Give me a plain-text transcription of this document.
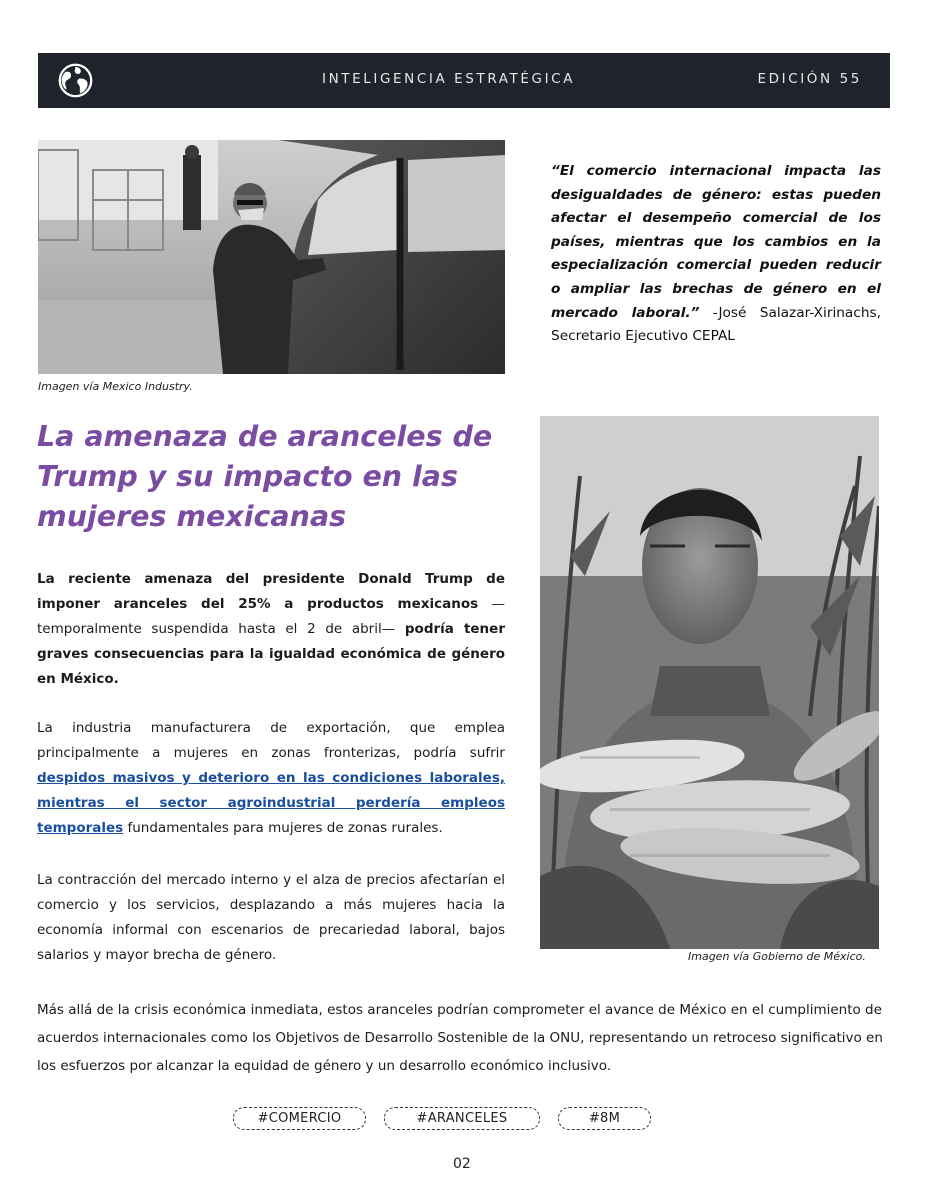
INTELIGENCIA ESTRATÉGICA	EDICIÓN 55
Imagen vía Mexico Industry.
“El comercio internacional impacta las desigualdades de género: estas pueden afectar el desempeño comercial de los países, mientras que los cambios en la especialización comercial pueden reducir o ampliar las brechas de género en el mercado laboral.” -José Salazar-Xirinachs, Secretario Ejecutivo CEPAL
La amenaza de aranceles de Trump y su impacto en las mujeres mexicanas

La reciente amenaza del presidente Donald Trump de imponer aranceles del 25% a productos mexicanos — temporalmente suspendida hasta el 2 de abril— podría tener graves consecuencias para la igualdad económica de género en México.

La industria manufacturera de exportación, que emplea principalmente a mujeres en zonas fronterizas, podría sufrir despidos masivos y deterioro en las condiciones laborales, mientras el sector agroindustrial perdería empleos temporales fundamentales para mujeres de zonas rurales.

La contracción del mercado interno y el alza de precios afectarían el comercio y los servicios, desplazando a más mujeres hacia la economía informal con escenarios de precariedad laboral, bajos salarios y mayor brecha de género.	Imagen vía Gobierno de México.

Más allá de la crisis económica inmediata, estos aranceles podrían comprometer el avance de México en el cumplimiento de acuerdos internacionales como los Objetivos de Desarrollo Sostenible de la ONU, representando un retroceso significativo en los esfuerzos por alcanzar la equidad de género y un desarrollo económico inclusivo.

#COMERCIO	#ARANCELES	#8M
02
